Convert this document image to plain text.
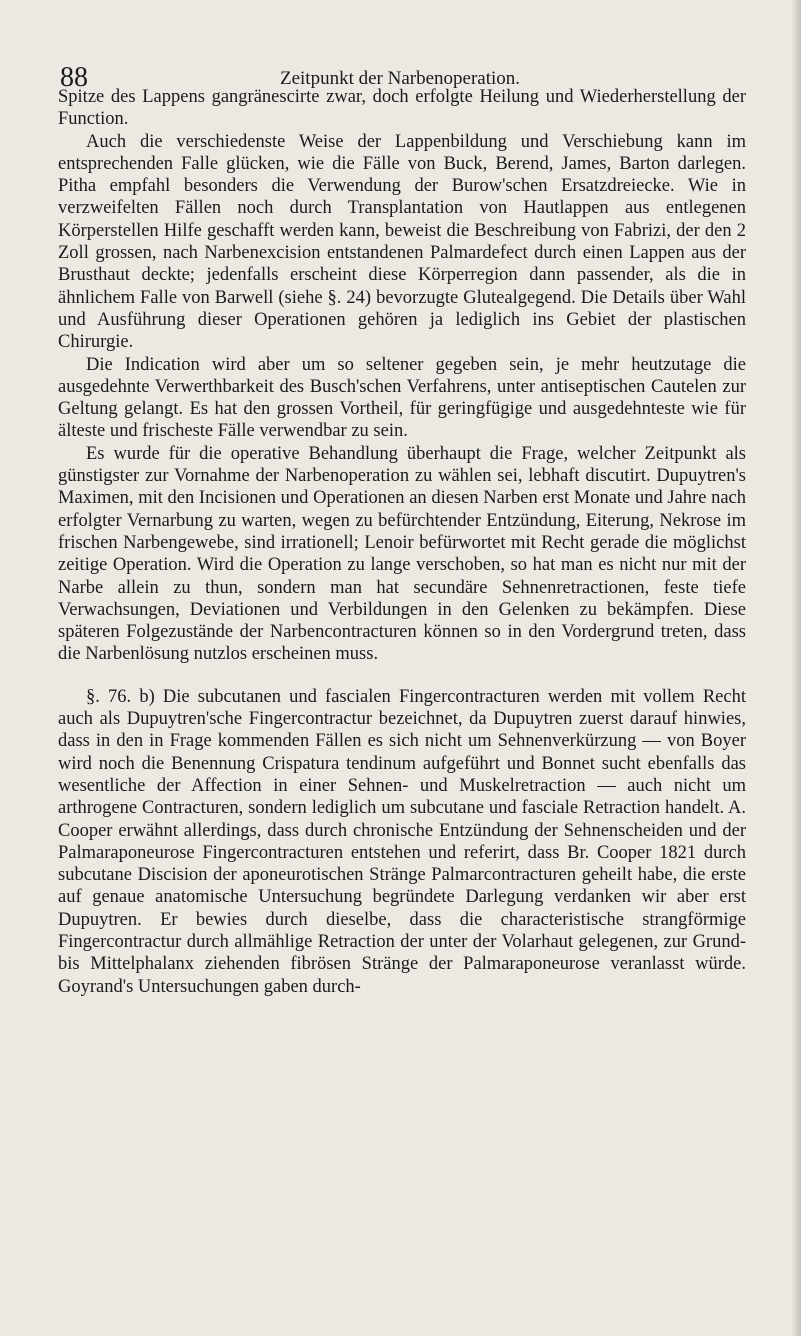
88	Zeitpunkt der Narbenoperation.

Spitze des Lappens gangränescirte zwar, doch erfolgte Heilung und Wiederherstellung der Function.

Auch die verschiedenste Weise der Lappenbildung und Verschiebung kann im entsprechenden Falle glücken, wie die Fälle von Buck, Berend, James, Barton darlegen. Pitha empfahl besonders die Verwendung der Burow'schen Ersatzdreiecke. Wie in verzweifelten Fällen noch durch Transplantation von Hautlappen aus entlegenen Körperstellen Hilfe geschafft werden kann, beweist die Beschreibung von Fabrizi, der den 2 Zoll grossen, nach Narbenexcision entstandenen Palmardefect durch einen Lappen aus der Brusthaut deckte; jedenfalls erscheint diese Körperregion dann passender, als die in ähnlichem Falle von Barwell (siehe §. 24) bevorzugte Glutealgegend. Die Details über Wahl und Ausführung dieser Operationen gehören ja lediglich ins Gebiet der plastischen Chirurgie.

Die Indication wird aber um so seltener gegeben sein, je mehr heutzutage die ausgedehnte Verwerthbarkeit des Busch'schen Verfahrens, unter antiseptischen Cautelen zur Geltung gelangt. Es hat den grossen Vortheil, für geringfügige und ausgedehnteste wie für älteste und frischeste Fälle verwendbar zu sein.

Es wurde für die operative Behandlung überhaupt die Frage, welcher Zeitpunkt als günstigster zur Vornahme der Narbenoperation zu wählen sei, lebhaft discutirt. Dupuytren's Maximen, mit den Incisionen und Operationen an diesen Narben erst Monate und Jahre nach erfolgter Vernarbung zu warten, wegen zu befürchtender Entzündung, Eiterung, Nekrose im frischen Narbengewebe, sind irrationell; Lenoir befürwortet mit Recht gerade die möglichst zeitige Operation. Wird die Operation zu lange verschoben, so hat man es nicht nur mit der Narbe allein zu thun, sondern man hat secundäre Sehnenretractionen, feste tiefe Verwachsungen, Deviationen und Verbildungen in den Gelenken zu bekämpfen. Diese späteren Folgezustände der Narbencontracturen können so in den Vordergrund treten, dass die Narbenlösung nutzlos erscheinen muss.

§. 76. b) Die subcutanen und fascialen Fingercontracturen werden mit vollem Recht auch als Dupuytren'sche Fingercontractur bezeichnet, da Dupuytren zuerst darauf hinwies, dass in den in Frage kommenden Fällen es sich nicht um Sehnenverkürzung — von Boyer wird noch die Benennung Crispatura tendinum aufgeführt und Bonnet sucht ebenfalls das wesentliche der Affection in einer Sehnen- und Muskelretraction — auch nicht um arthrogene Contracturen, sondern lediglich um subcutane und fasciale Retraction handelt. A. Cooper erwähnt allerdings, dass durch chronische Entzündung der Sehnenscheiden und der Palmaraponeurose Fingercontracturen entstehen und referirt, dass Br. Cooper 1821 durch subcutane Discision der aponeurotischen Stränge Palmarcontracturen geheilt habe, die erste auf genaue anatomische Untersuchung begründete Darlegung verdanken wir aber erst Dupuytren. Er bewies durch dieselbe, dass die characteristische strangförmige Fingercontractur durch allmählige Retraction der unter der Volarhaut gelegenen, zur Grund- bis Mittelphalanx ziehenden fibrösen Stränge der Palmaraponeurose veranlasst würde. Goyrand's Untersuchungen gaben durch-
